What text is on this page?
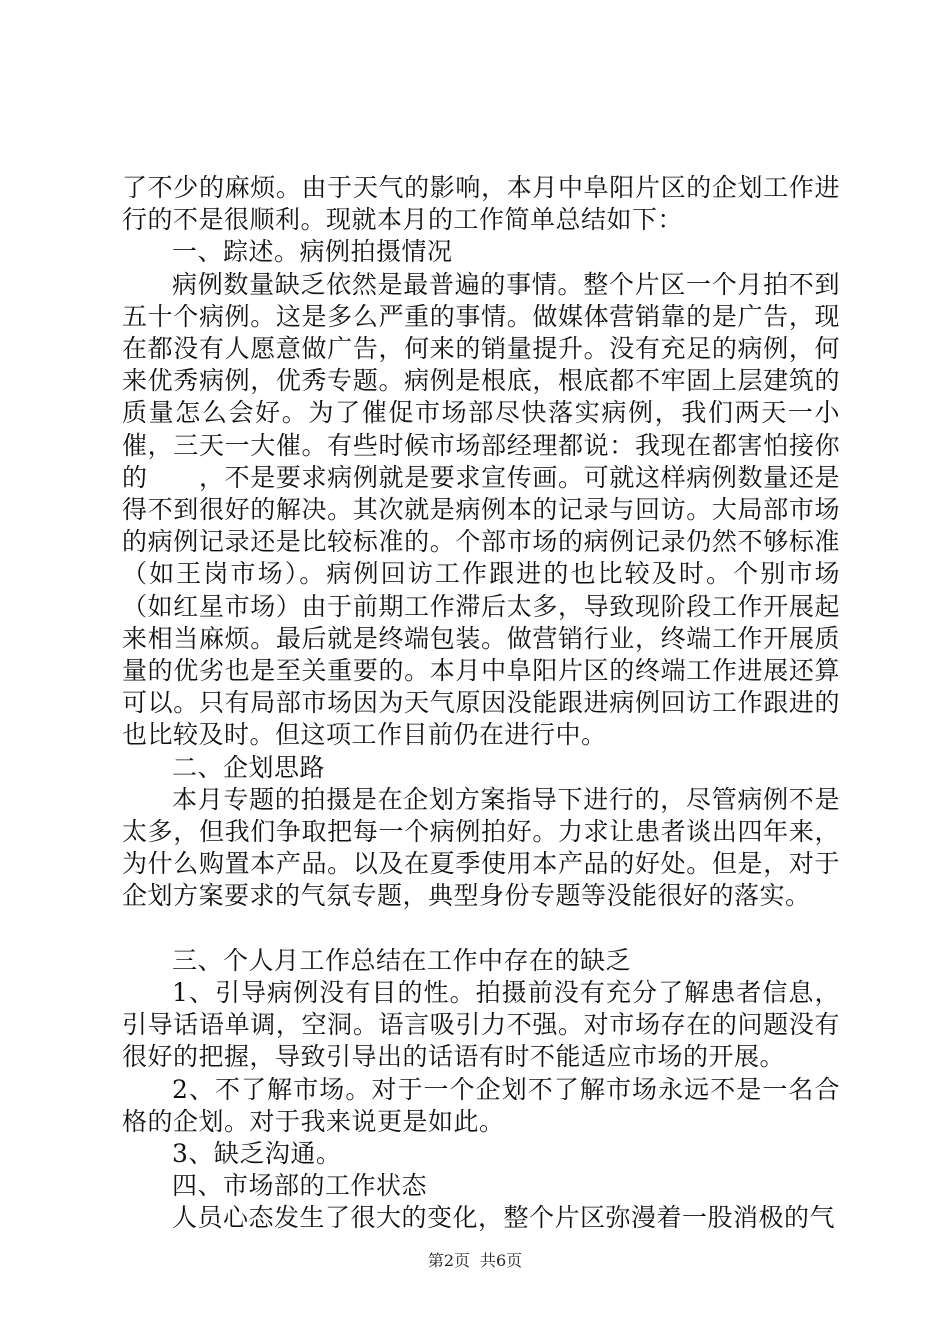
了不少的麻烦。由于天气的影响，本月中阜阳片区的企划工作进行的不是很顺利。现就本月的工作简单总结如下：

一、踪述。病例拍摄情况

病例数量缺乏依然是最普遍的事情。整个片区一个月拍不到五十个病例。这是多么严重的事情。做媒体营销靠的是广告，现在都没有人愿意做广告，何来的销量提升。没有充足的病例，何来优秀病例，优秀专题。病例是根底，根底都不牢固上层建筑的质量怎么会好。为了催促市场部尽快落实病例，我们两天一小催，三天一大催。有些时候市场部经理都说：我现在都害怕接你的　　，不是要求病例就是要求宣传画。可就这样病例数量还是得不到很好的解决。其次就是病例本的记录与回访。大局部市场的病例记录还是比较标准的。个部市场的病例记录仍然不够标准（如王岗市场）。病例回访工作跟进的也比较及时。个别市场（如红星市场）由于前期工作滞后太多，导致现阶段工作开展起来相当麻烦。最后就是终端包装。做营销行业，终端工作开展质量的优劣也是至关重要的。本月中阜阳片区的终端工作进展还算可以。只有局部市场因为天气原因没能跟进病例回访工作跟进的也比较及时。但这项工作目前仍在进行中。

二、企划思路

本月专题的拍摄是在企划方案指导下进行的，尽管病例不是太多，但我们争取把每一个病例拍好。力求让患者谈出四年来，为什么购置本产品。以及在夏季使用本产品的好处。但是，对于企划方案要求的气氛专题，典型身份专题等没能很好的落实。

三、个人月工作总结在工作中存在的缺乏

1、引导病例没有目的性。拍摄前没有充分了解患者信息，引导话语单调，空洞。语言吸引力不强。对市场存在的问题没有很好的把握，导致引导出的话语有时不能适应市场的开展。

2、不了解市场。对于一个企划不了解市场永远不是一名合格的企划。对于我来说更是如此。

3、缺乏沟通。

四、市场部的工作状态

人员心态发生了很大的变化，整个片区弥漫着一股消极的气

第2页 共6页
